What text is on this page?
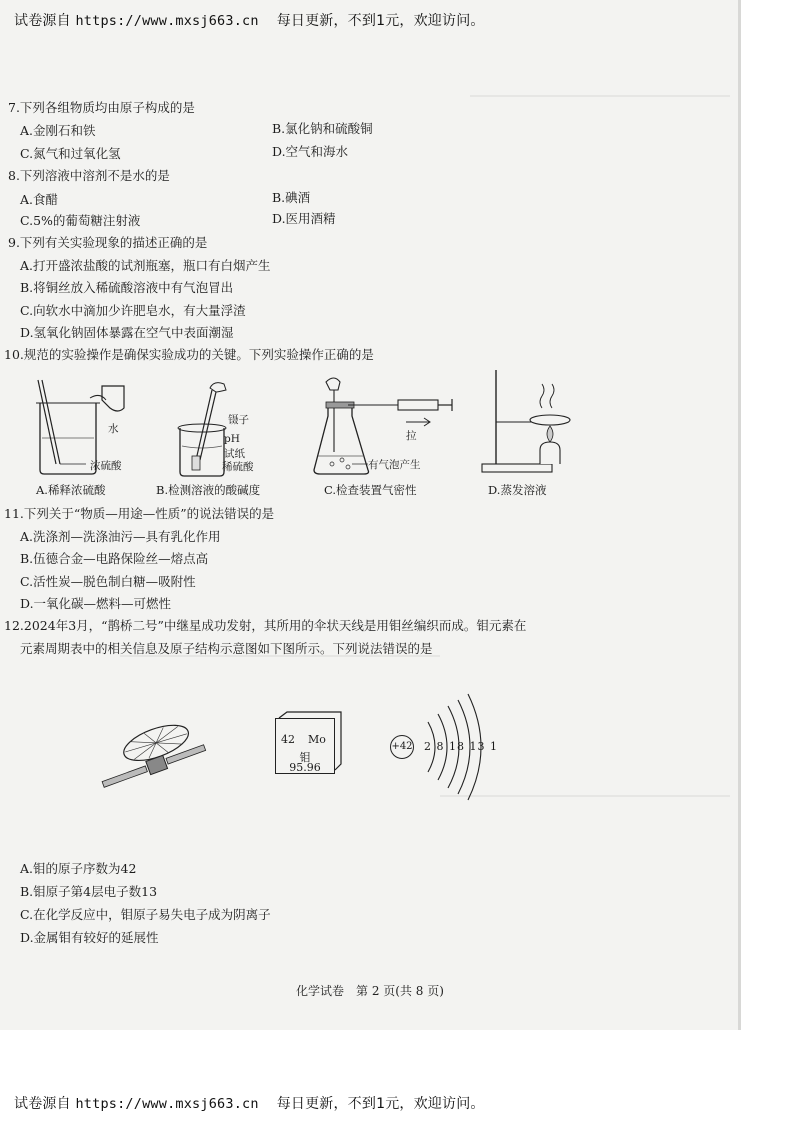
试卷源自 https://www.mxsj663.cn 每日更新，不到1元，欢迎访问。
7.下列各组物质均由原子构成的是
A.金刚石和铁	B.氯化钠和硫酸铜
C.氮气和过氧化氢	D.空气和海水
8.下列溶液中溶剂不是水的是
A.食醋	B.碘酒
C.5%的葡萄糖注射液	D.医用酒精
9.下列有关实验现象的描述正确的是
A.打开盛浓盐酸的试剂瓶塞，瓶口有白烟产生
B.将铜丝放入稀硫酸溶液中有气泡冒出
C.向软水中滴加少许肥皂水，有大量浮渣
D.氢氧化钠固体暴露在空气中表面潮湿
10.规范的实验操作是确保实验成功的关键。下列实验操作正确的是
水
浓硫酸
A.稀释浓硫酸
镊子
pH
试纸
稀硫酸
B.检测溶液的酸碱度
拉
有气泡产生
C.检查装置气密性	D.蒸发溶液
11.下列关于“物质—用途—性质”的说法错误的是
A.洗涤剂—洗涤油污—具有乳化作用
B.伍德合金—电路保险丝—熔点高
C.活性炭—脱色制白糖—吸附性
D.一氧化碳—燃料—可燃性
12.2024年3月，“鹊桥二号”中继星成功发射，其所用的伞状天线是用钼丝编织而成。钼元素在
元素周期表中的相关信息及原子结构示意图如下图所示。下列说法错误的是
42 Mo
钼
95.96
+42 2 8 18 13 1
A.钼的原子序数为42
B.钼原子第4层电子数13
C.在化学反应中，钼原子易失电子成为阴离子
D.金属钼有较好的延展性
化学试卷　第 2 页(共 8 页)
试卷源自 https://www.mxsj663.cn 每日更新，不到1元，欢迎访问。
